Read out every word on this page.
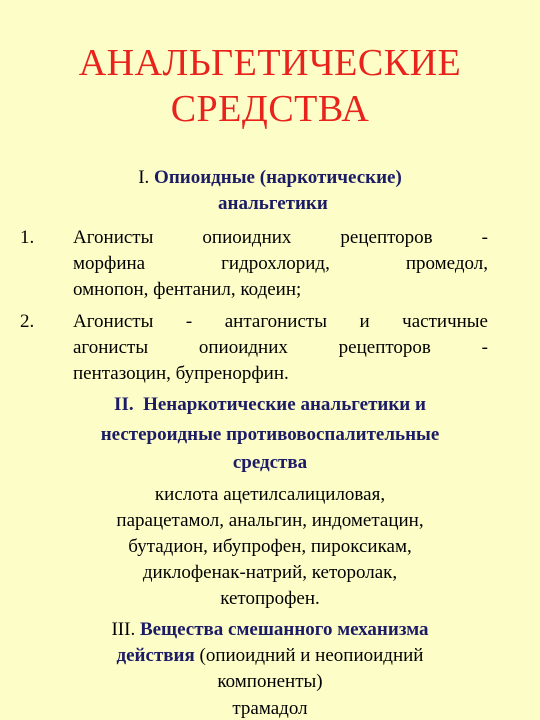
АНАЛЬГЕТИЧЕСКИЕ
СРЕДСТВА

I. Опиоидные (наркотические)

анальгетики

1. Агонисты опиоидних рецепторов -

морфина гидрохлорид, промедол,

омнопон, фентанил, кодеин;

2. Агонисты - антагонисты и частичные

агонисты опиоидних рецепторов -

пентазоцин, бупренорфин.

II. Ненаркотические анальгетики и

нестероидные противовоспалительные

средства

кислота ацетилсалициловая,

парацетамол, анальгин, индометацин,

бутадион, ибупрофен, пироксикам,

диклофенак-натрий, кеторолак,

кетопрофен.

III. Вещества смешанного механизма

действия (опиоидний и неопиоидний

компоненты)

трамадол
